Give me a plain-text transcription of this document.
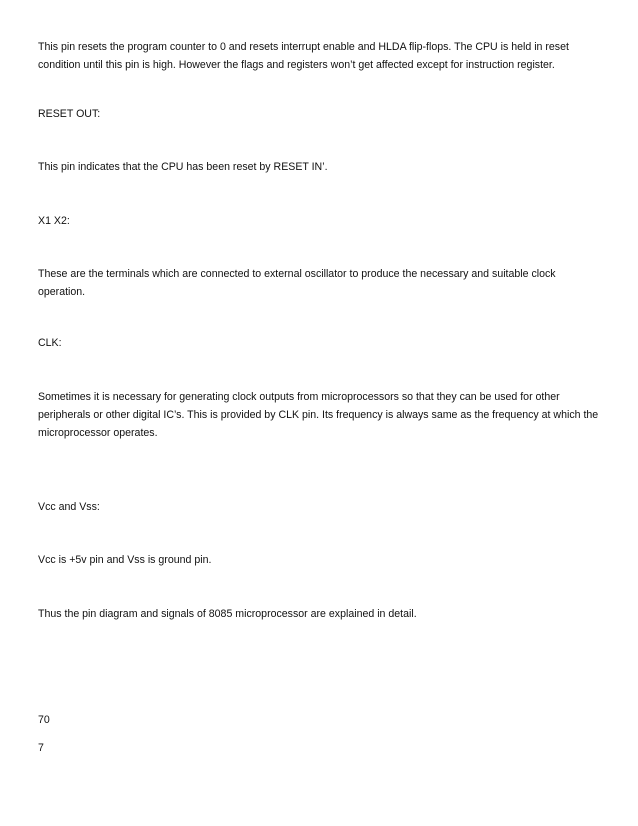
This pin resets the program counter to 0 and resets interrupt enable and HLDA flip-flops. The CPU is held in reset condition until this pin is high. However the flags and registers won’t get affected except for instruction register.

RESET OUT:

This pin indicates that the CPU has been reset by RESET IN’.

X1 X2:

These are the terminals which are connected to external oscillator to produce the necessary and suitable clock operation.

CLK:

Sometimes it is necessary for generating clock outputs from microprocessors so that they can be used for other peripherals or other digital IC’s. This is provided by CLK pin. Its frequency is always same as the frequency at which the microprocessor operates.

Vcc and Vss:

Vcc is +5v pin and Vss is ground pin.

Thus the pin diagram and signals of 8085 microprocessor are explained in detail.

70

7
